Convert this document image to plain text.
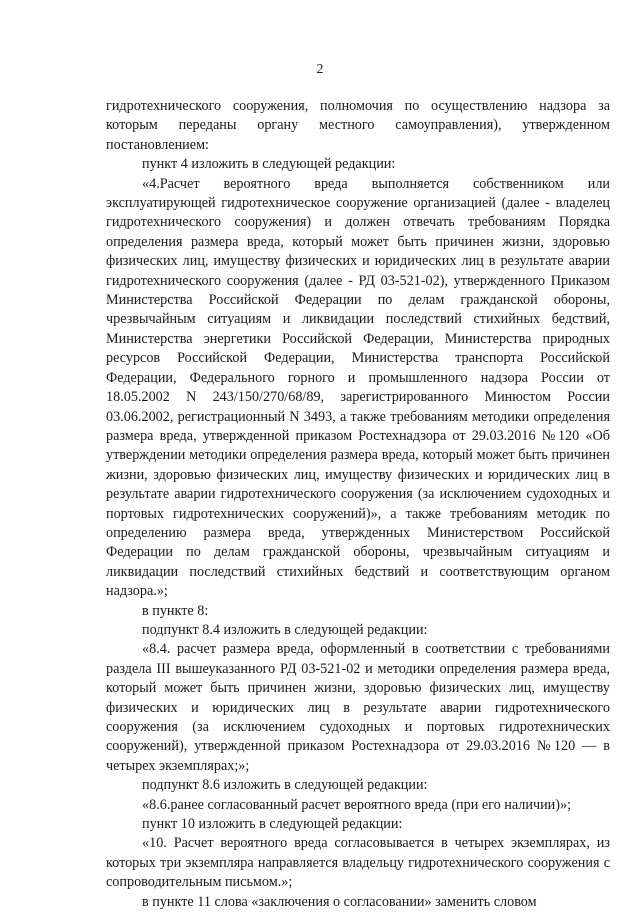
2

гидротехнического сооружения, полномочия по осуществлению надзора за которым переданы органу местного самоуправления), утвержденном постановлением:

пункт 4 изложить в следующей редакции:

«4.Расчет вероятного вреда выполняется собственником или эксплуатирующей гидротехническое сооружение организацией (далее - владелец гидротехнического сооружения) и должен отвечать требованиям Порядка определения размера вреда, который может быть причинен жизни, здоровью физических лиц, имуществу физических и юридических лиц в результате аварии гидротехнического сооружения (далее - РД 03-521-02), утвержденного Приказом Министерства Российской Федерации по делам гражданской обороны, чрезвычайным ситуациям и ликвидации последствий стихийных бедствий, Министерства энергетики Российской Федерации, Министерства природных ресурсов Российской Федерации, Министерства транспорта Российской Федерации, Федерального горного и промышленного надзора России от 18.05.2002 N 243/150/270/68/89, зарегистрированного Минюстом России 03.06.2002, регистрационный N 3493, а также требованиям методики определения размера вреда, утвержденной приказом Ростехнадзора от 29.03.2016 №120 «Об утверждении методики определения размера вреда, который может быть причинен жизни, здоровью физических лиц, имуществу физических и юридических лиц в результате аварии гидротехнического сооружения (за исключением судоходных и портовых гидротехнических сооружений)», а также требованиям методик по определению размера вреда, утвержденных Министерством Российской Федерации по делам гражданской обороны, чрезвычайным ситуациям и ликвидации последствий стихийных бедствий и соответствующим органом надзора.»;

в пункте 8:

подпункт 8.4 изложить в следующей редакции:

«8.4. расчет размера вреда, оформленный в соответствии с требованиями раздела III вышеуказанного РД 03-521-02 и методики определения размера вреда, который может быть причинен жизни, здоровью физических лиц, имуществу физических и юридических лиц в результате аварии гидротехнического сооружения (за исключением судоходных и портовых гидротехнических сооружений), утвержденной приказом Ростехнадзора от 29.03.2016 №120 — в четырех экземплярах;»;

подпункт 8.6 изложить в следующей редакции:

«8.6.ранее согласованный расчет вероятного вреда (при его наличии)»;

пункт 10 изложить в следующей редакции:

«10. Расчет вероятного вреда согласовывается в четырех экземплярах, из которых три экземпляра направляется владельцу гидротехнического сооружения с сопроводительным письмом.»;

в пункте 11 слова «заключения о согласовании» заменить словом
